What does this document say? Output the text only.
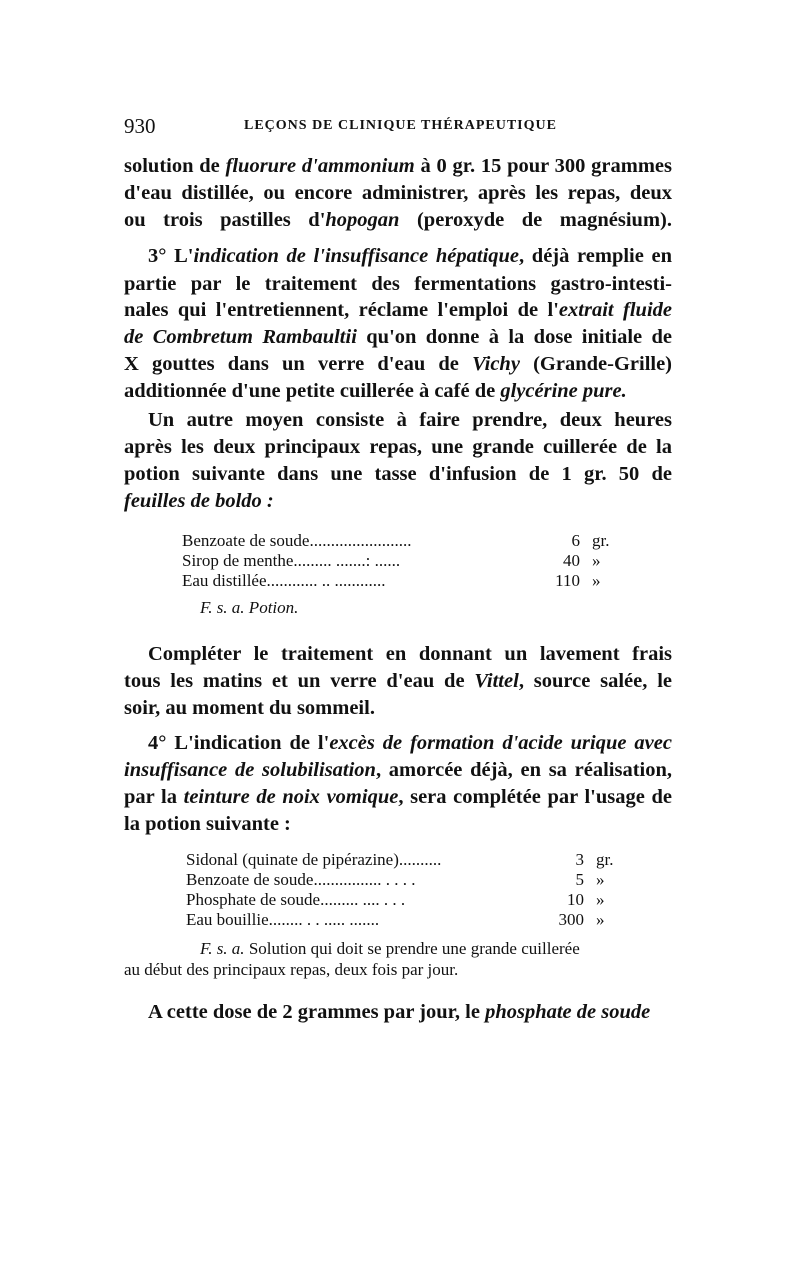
930	LEÇONS DE CLINIQUE THÉRAPEUTIQUE
solution de fluorure d'ammonium à 0 gr. 15 pour 300 grammes
d'eau distillée, ou encore administrer, après les repas, deux
ou trois pastilles d'hopogan (peroxyde de magnésium).
3° L'indication de l'insuffisance hépatique, déjà remplie en
partie par le traitement des fermentations gastro-intesti-
nales qui l'entretiennent, réclame l'emploi de l'extrait fluide
de Combretum Rambaultii qu'on donne à la dose initiale de
X gouttes dans un verre d'eau de Vichy (Grande-Grille)
additionnée d'une petite cuillerée à café de glycérine pure.
Un autre moyen consiste à faire prendre, deux heures
après les deux principaux repas, une grande cuillerée de la
potion suivante dans une tasse d'infusion de 1 gr. 50 de
feuilles de boldo :
Benzoate de soude........................	6 gr.
Sirop de menthe......... .......: ......	40 »
Eau distillée............ .. ............	110 »
F. s. a. Potion.
Compléter le traitement en donnant un lavement frais
tous les matins et un verre d'eau de Vittel, source salée, le
soir, au moment du sommeil.
4° L'indication de l'excès de formation d'acide urique avec
insuffisance de solubilisation, amorcée déjà, en sa réalisation,
par la teinture de noix vomique, sera complétée par l'usage de
la potion suivante :
Sidonal (quinate de pipérazine)..........	3 gr.
Benzoate de soude................ . . . .	5 »
Phosphate de soude......... .... . . .	10 »
Eau bouillie........ . . ..... .......	300 »
F. s. a. Solution qui doit se prendre une grande cuillerée
au début des principaux repas, deux fois par jour.
A cette dose de 2 grammes par jour, le phosphate de soude
